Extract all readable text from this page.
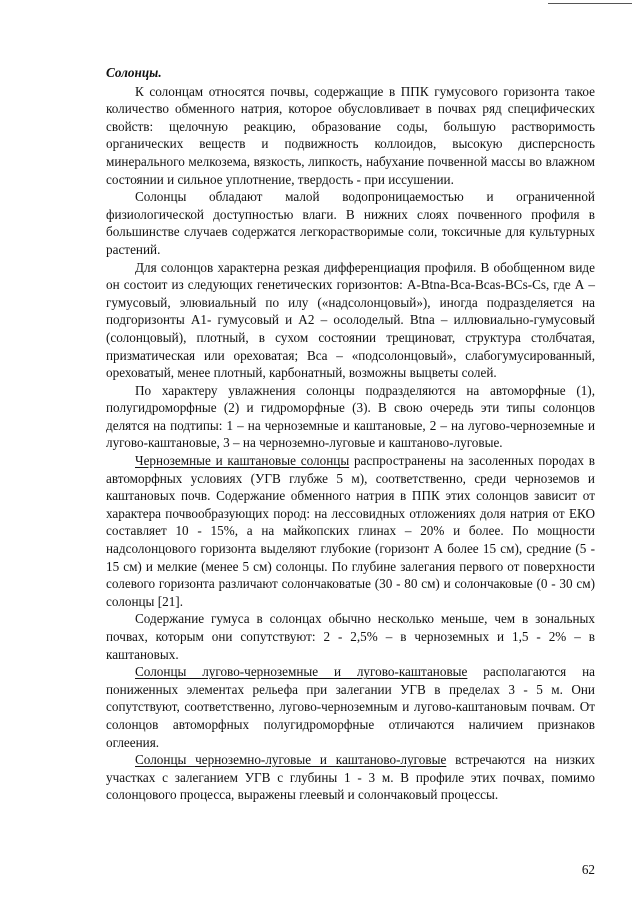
Солонцы.

К солонцам относятся почвы, содержащие в ППК гумусового горизонта такое количество обменного натрия, которое обусловливает в почвах ряд специфических свойств: щелочную реакцию, образование соды, большую растворимость органических веществ и подвижность коллоидов, высокую дисперсность минерального мелкозема, вязкость, липкость, набухание почвенной массы во влажном состоянии и сильное уплотнение, твердость - при иссушении.

Солонцы обладают малой водопроницаемостью и ограниченной физиологической доступностью влаги. В нижних слоях почвенного профиля в большинстве случаев содержатся легкорастворимые соли, токсичные для культурных растений.

Для солонцов характерна резкая дифференциация профиля. В обобщенном виде он состоит из следующих генетических горизонтов: A-Btna-Bca-Bcas-BCs-Cs, где А – гумусовый, элювиальный по илу («надсолонцовый»), иногда подразделяется на подгоризонты А1- гумусовый и А2 – осолоделый. Btna – иллювиально-гумусовый (солонцовый), плотный, в сухом состоянии трещиноват, структура столбчатая, призматическая или ореховатая; Bca – «подсолонцовый», слабогумусированный, ореховатый, менее плотный, карбонатный, возможны выцветы солей.

По характеру увлажнения солонцы подразделяются на автоморфные (1), полугидроморфные (2) и гидроморфные (3). В свою очередь эти типы солонцов делятся на подтипы: 1 – на черноземные и каштановые, 2 – на лугово-черноземные и лугово-каштановые, 3 – на черноземно-луговые и каштаново-луговые.

Черноземные и каштановые солонцы распространены на засоленных породах в автоморфных условиях (УГВ глубже 5 м), соответственно, среди черноземов и каштановых почв. Содержание обменного натрия в ППК этих солонцов зависит от характера почвообразующих пород: на лессовидных отложениях доля натрия от ЕКО составляет 10 - 15%, а на майкопских глинах – 20% и более. По мощности надсолонцового горизонта выделяют глубокие (горизонт А более 15 см), средние (5 - 15 см) и мелкие (менее 5 см) солонцы. По глубине залегания первого от поверхности солевого горизонта различают солончаковатые (30 - 80 см) и солончаковые (0 - 30 см) солонцы [21].

Содержание гумуса в солонцах обычно несколько меньше, чем в зональных почвах, которым они сопутствуют: 2 - 2,5% – в черноземных и 1,5 - 2% – в каштановых.

Солонцы лугово-черноземные и лугово-каштановые располагаются на пониженных элементах рельефа при залегании УГВ в пределах 3 - 5 м. Они сопутствуют, соответственно, лугово-черноземным и лугово-каштановым почвам. От солонцов автоморфных полугидроморфные отличаются наличием признаков оглеения.

Солонцы черноземно-луговые и каштаново-луговые встречаются на низких участках с залеганием УГВ с глубины 1 - 3 м. В профиле этих почвах, помимо солонцового процесса, выражены глеевый и солончаковый процессы.

62
